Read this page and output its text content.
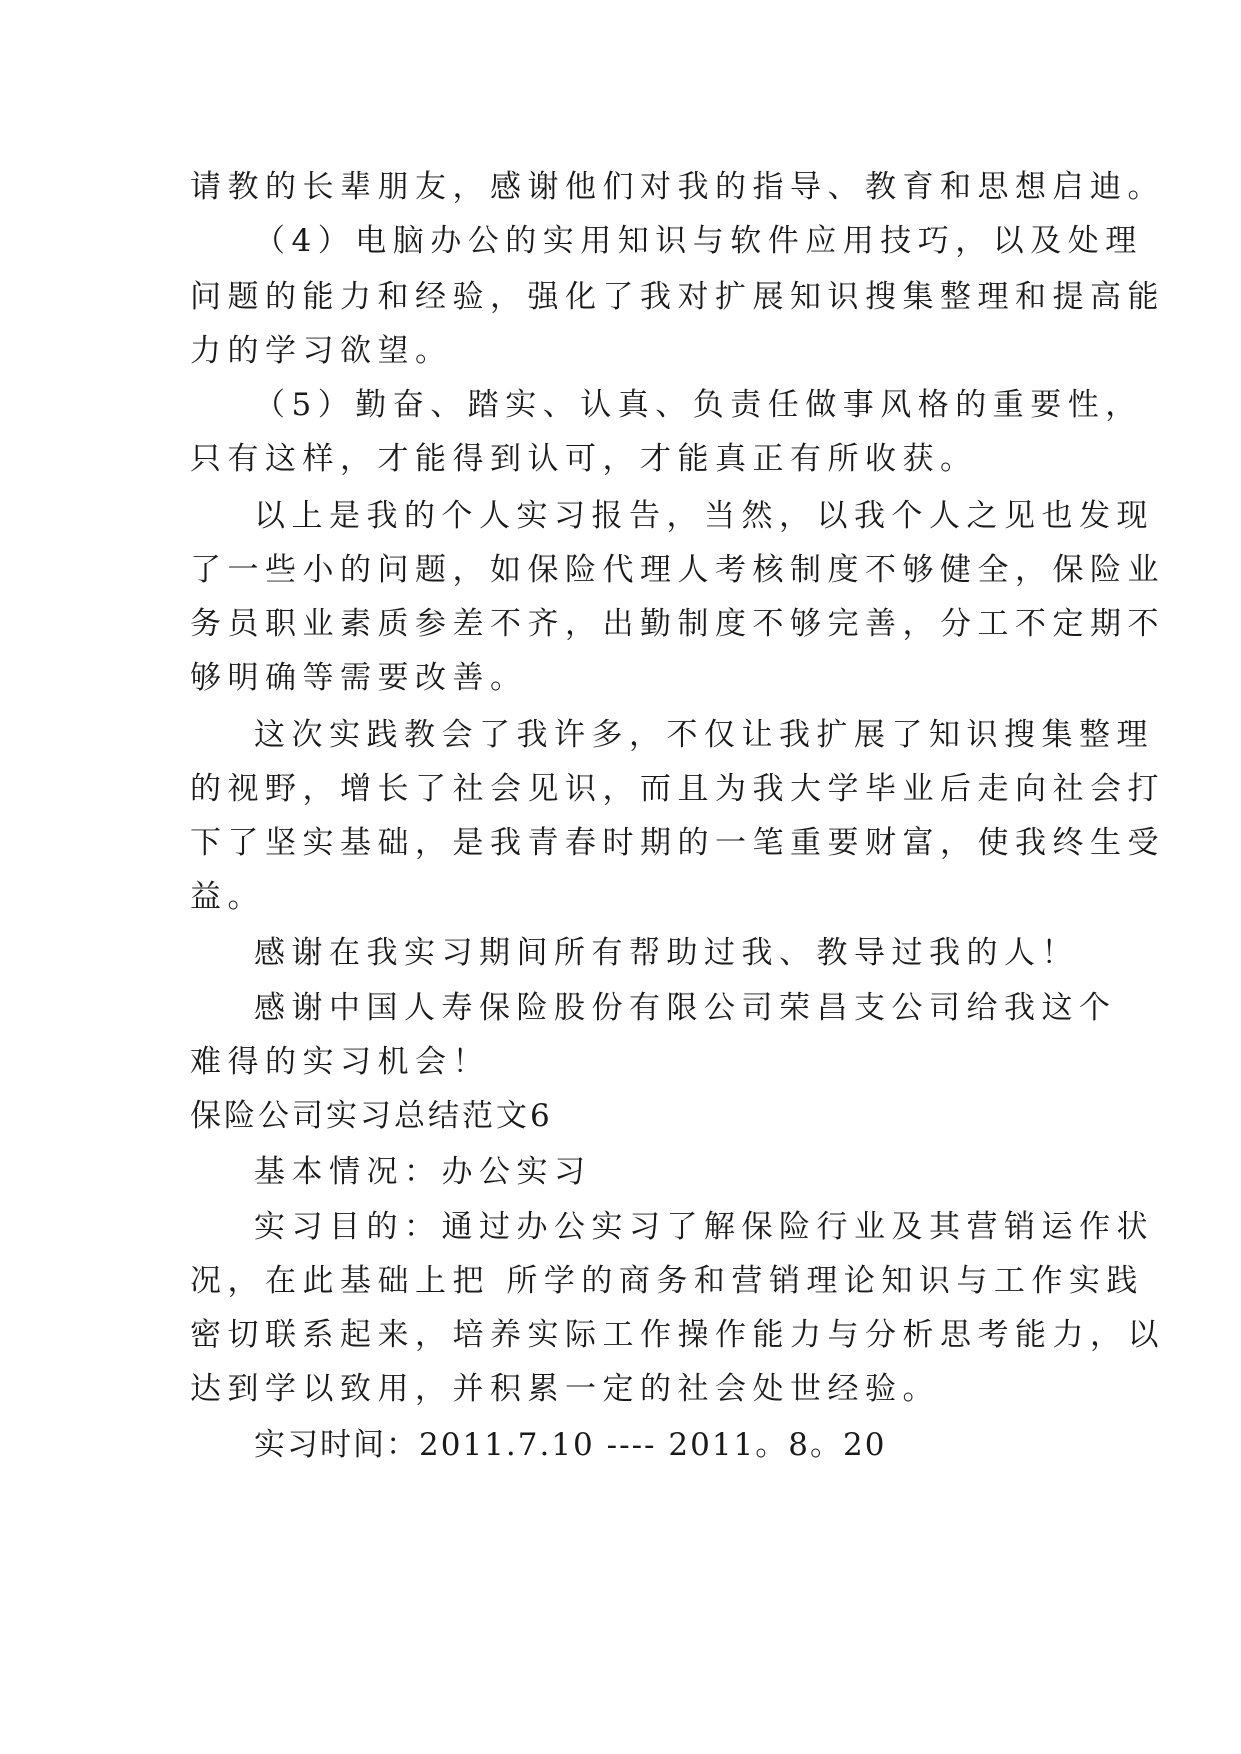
请教的长辈朋友，感谢他们对我的指导、教育和思想启迪。
（4）电脑办公的实用知识与软件应用技巧，以及处理
问题的能力和经验，强化了我对扩展知识搜集整理和提高能
力的学习欲望。
（5）勤奋、踏实、认真、负责任做事风格的重要性，
只有这样，才能得到认可，才能真正有所收获。
以上是我的个人实习报告，当然，以我个人之见也发现
了一些小的问题，如保险代理人考核制度不够健全，保险业
务员职业素质参差不齐，出勤制度不够完善，分工不定期不
够明确等需要改善。
这次实践教会了我许多，不仅让我扩展了知识搜集整理
的视野，增长了社会见识，而且为我大学毕业后走向社会打
下了坚实基础，是我青春时期的一笔重要财富，使我终生受
益。
感谢在我实习期间所有帮助过我、教导过我的人！
感谢中国人寿保险股份有限公司荣昌支公司给我这个
难得的实习机会！
保险公司实习总结范文6
基本情况：办公实习
实习目的：通过办公实习了解保险行业及其营销运作状
况，在此基础上把 所学的商务和营销理论知识与工作实践
密切联系起来，培养实际工作操作能力与分析思考能力，以
达到学以致用，并积累一定的社会处世经验。
实习时间：2011.7.10 ---- 2011。8。20
